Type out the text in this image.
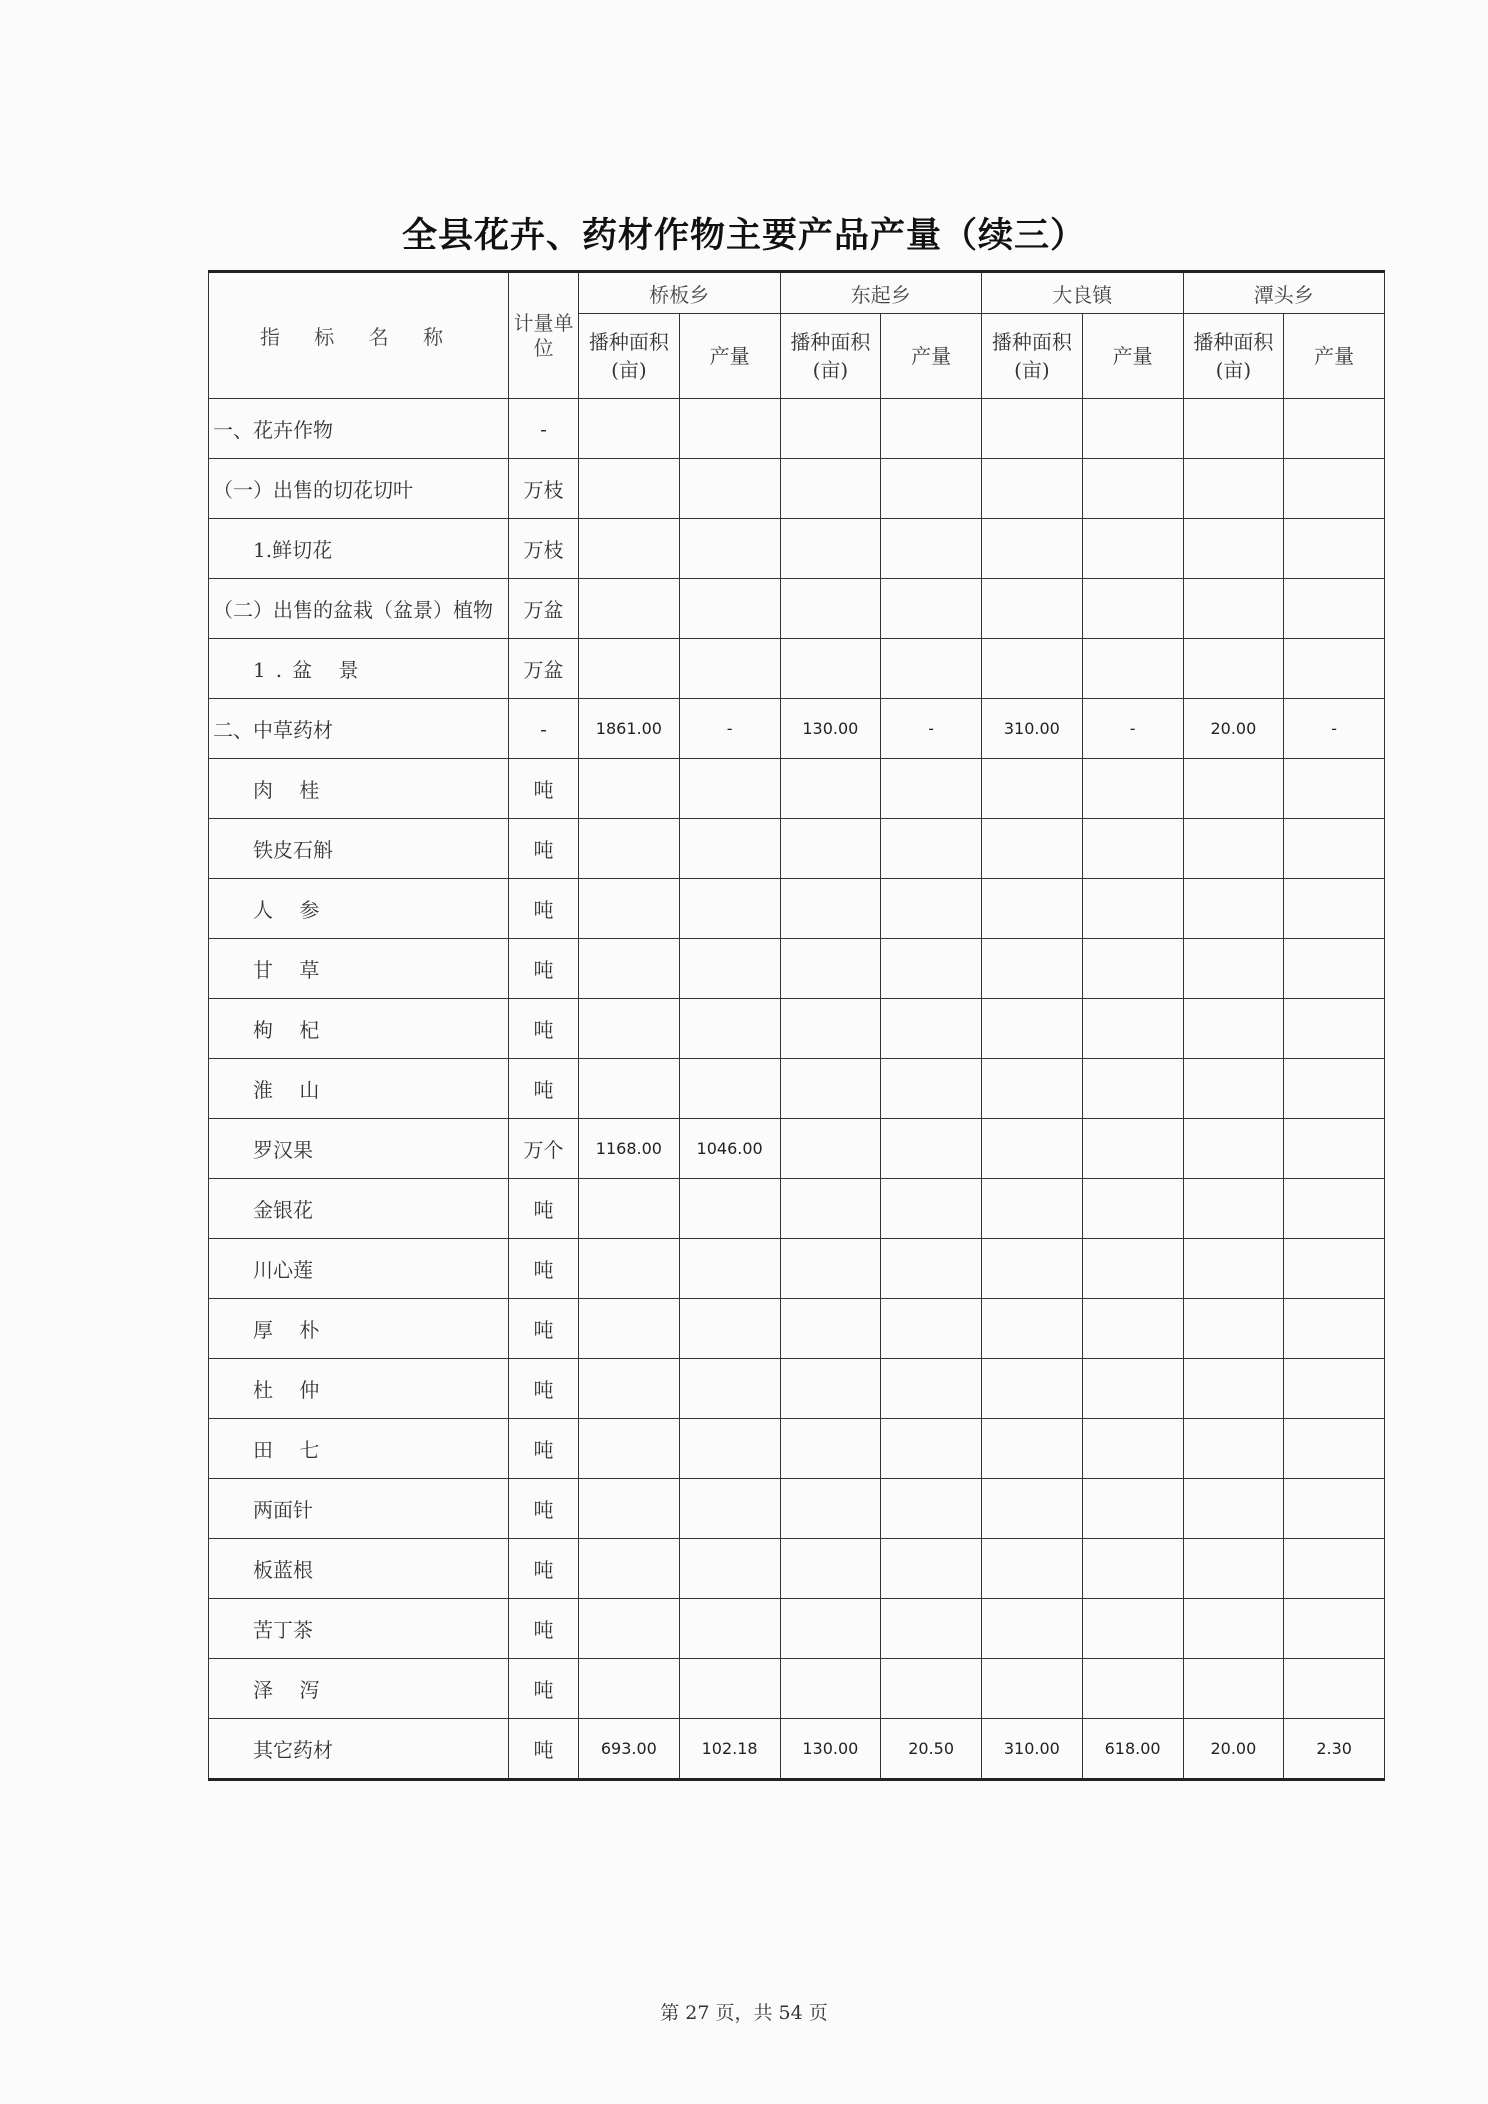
全县花卉、药材作物主要产品产量（续三）
指 标 名 称	计量单位	桥板乡		东起乡		大良镇		潭头乡	
		播种面积(亩)	产量	播种面积(亩)	产量	播种面积(亩)	产量	播种面积(亩)	产量
一、花卉作物	-								
（一）出售的切花切叶	万枝								
1.鲜切花	万枝								
（二）出售的盆栽（盆景）植物	万盆								
1.盆 景	万盆								
二、中草药材	-	1861.00	-	130.00	-	310.00	-	20.00	-
肉 桂	吨								
铁皮石斛	吨								
人 参	吨								
甘 草	吨								
枸 杞	吨								
淮 山	吨								
罗汉果	万个	1168.00	1046.00						
金银花	吨								
川心莲	吨								
厚 朴	吨								
杜 仲	吨								
田 七	吨								
两面针	吨								
板蓝根	吨								
苦丁茶	吨								
泽 泻	吨								
其它药材	吨	693.00	102.18	130.00	20.50	310.00	618.00	20.00	2.30
第 27 页，共 54 页
